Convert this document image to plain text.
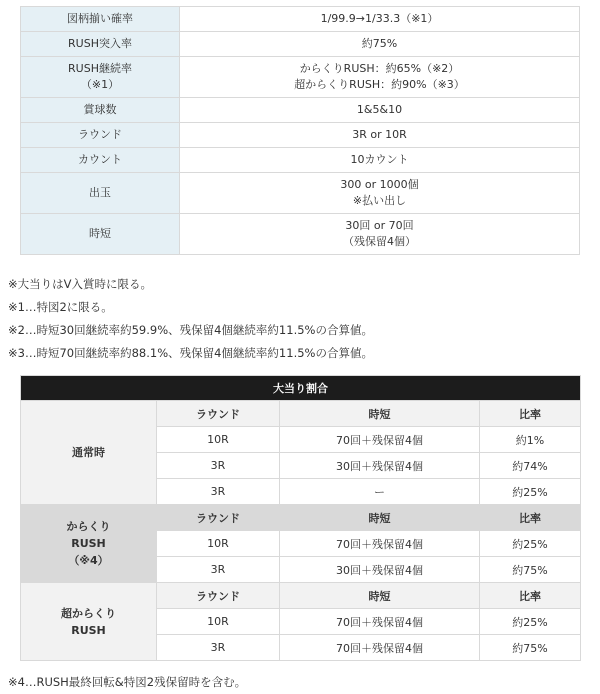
図柄揃い確率	1/99.9→1/33.3（※1）
RUSH突入率	約75%
RUSH継続率
（※1）	からくりRUSH：約65%（※2）
超からくりRUSH：約90%（※3）
賞球数	1&5&10
ラウンド	3R or 10R
カウント	10カウント
出玉	300 or 1000個
※払い出し
時短	30回 or 70回
（残保留4個）
※大当りはV入賞時に限る。
※1…特図2に限る。
※2…時短30回継続率約59.9%、残保留4個継続率約11.5%の合算値。
※3…時短70回継続率約88.1%、残保留4個継続率約11.5%の合算値。
大当り割合			
通常時	ラウンド	時短	比率
	10R	70回＋残保留4個	約1%
	3R	30回＋残保留4個	約74%
	3R	ー	約25%
からくり
RUSH
（※4）	ラウンド	時短	比率
	10R	70回＋残保留4個	約25%
	3R	30回＋残保留4個	約75%
超からくり
RUSH	ラウンド	時短	比率
	10R	70回＋残保留4個	約25%
	3R	70回＋残保留4個	約75%
※4…RUSH最終回転&特図2残保留時を含む。
